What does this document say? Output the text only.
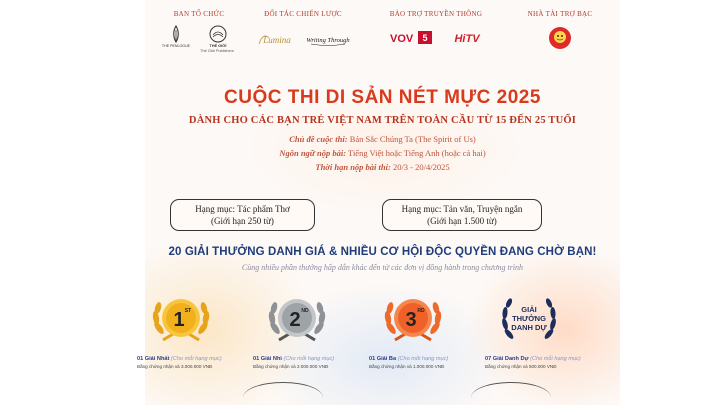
BAN TỔ CHỨC
THE PENLOGUE
	THẾ GIỚI
Thế Giới Publishers
ĐỐI TÁC CHIẾN LƯỢC
Lumina
Writing Through
BẢO TRỢ TRUYỀN THÔNG
VOV 5
HiTV
NHÀ TÀI TRỢ BẠC
CUỘC THI DI SẢN NÉT MỰC 2025
DÀNH CHO CÁC BẠN TRẺ VIỆT NAM TRÊN TOÀN CẦU TỪ 15 ĐẾN 25 TUỔI
Chủ đề cuộc thi: Bản Sắc Chúng Ta (The Spirit of Us)
Ngôn ngữ nộp bài: Tiếng Việt hoặc Tiếng Anh (hoặc cả hai)
Thời hạn nộp bài thi: 20/3 - 20/4/2025
Hạng mục: Tác phẩm Thơ
(Giới hạn 250 từ)
Hạng mục: Tản văn, Truyện ngắn
(Giới hạn 1.500 từ)
20 GIẢI THƯỞNG DANH GIÁ & NHIỀU CƠ HỘI ĐỘC QUYỀN ĐANG CHỜ BẠN!
Cùng nhiều phần thưởng hấp dẫn khác đến từ các đơn vị đồng hành trong chương trình
1 ST	2 ND	3 RD	GIẢI THƯỞNG DANH DỰ
01 Giải Nhất (Cho mỗi hạng mục)
Bằng chứng nhận và 3.000.000 VNĐ
01 Giải Nhì (Cho mỗi hạng mục)
Bằng chứng nhận và 2.000.000 VNĐ
01 Giải Ba (Cho mỗi hạng mục)
Bằng chứng nhận và 1.000.000 VNĐ
07 Giải Danh Dự (Cho mỗi hạng mục)
Bằng chứng nhận và 500.000 VNĐ
